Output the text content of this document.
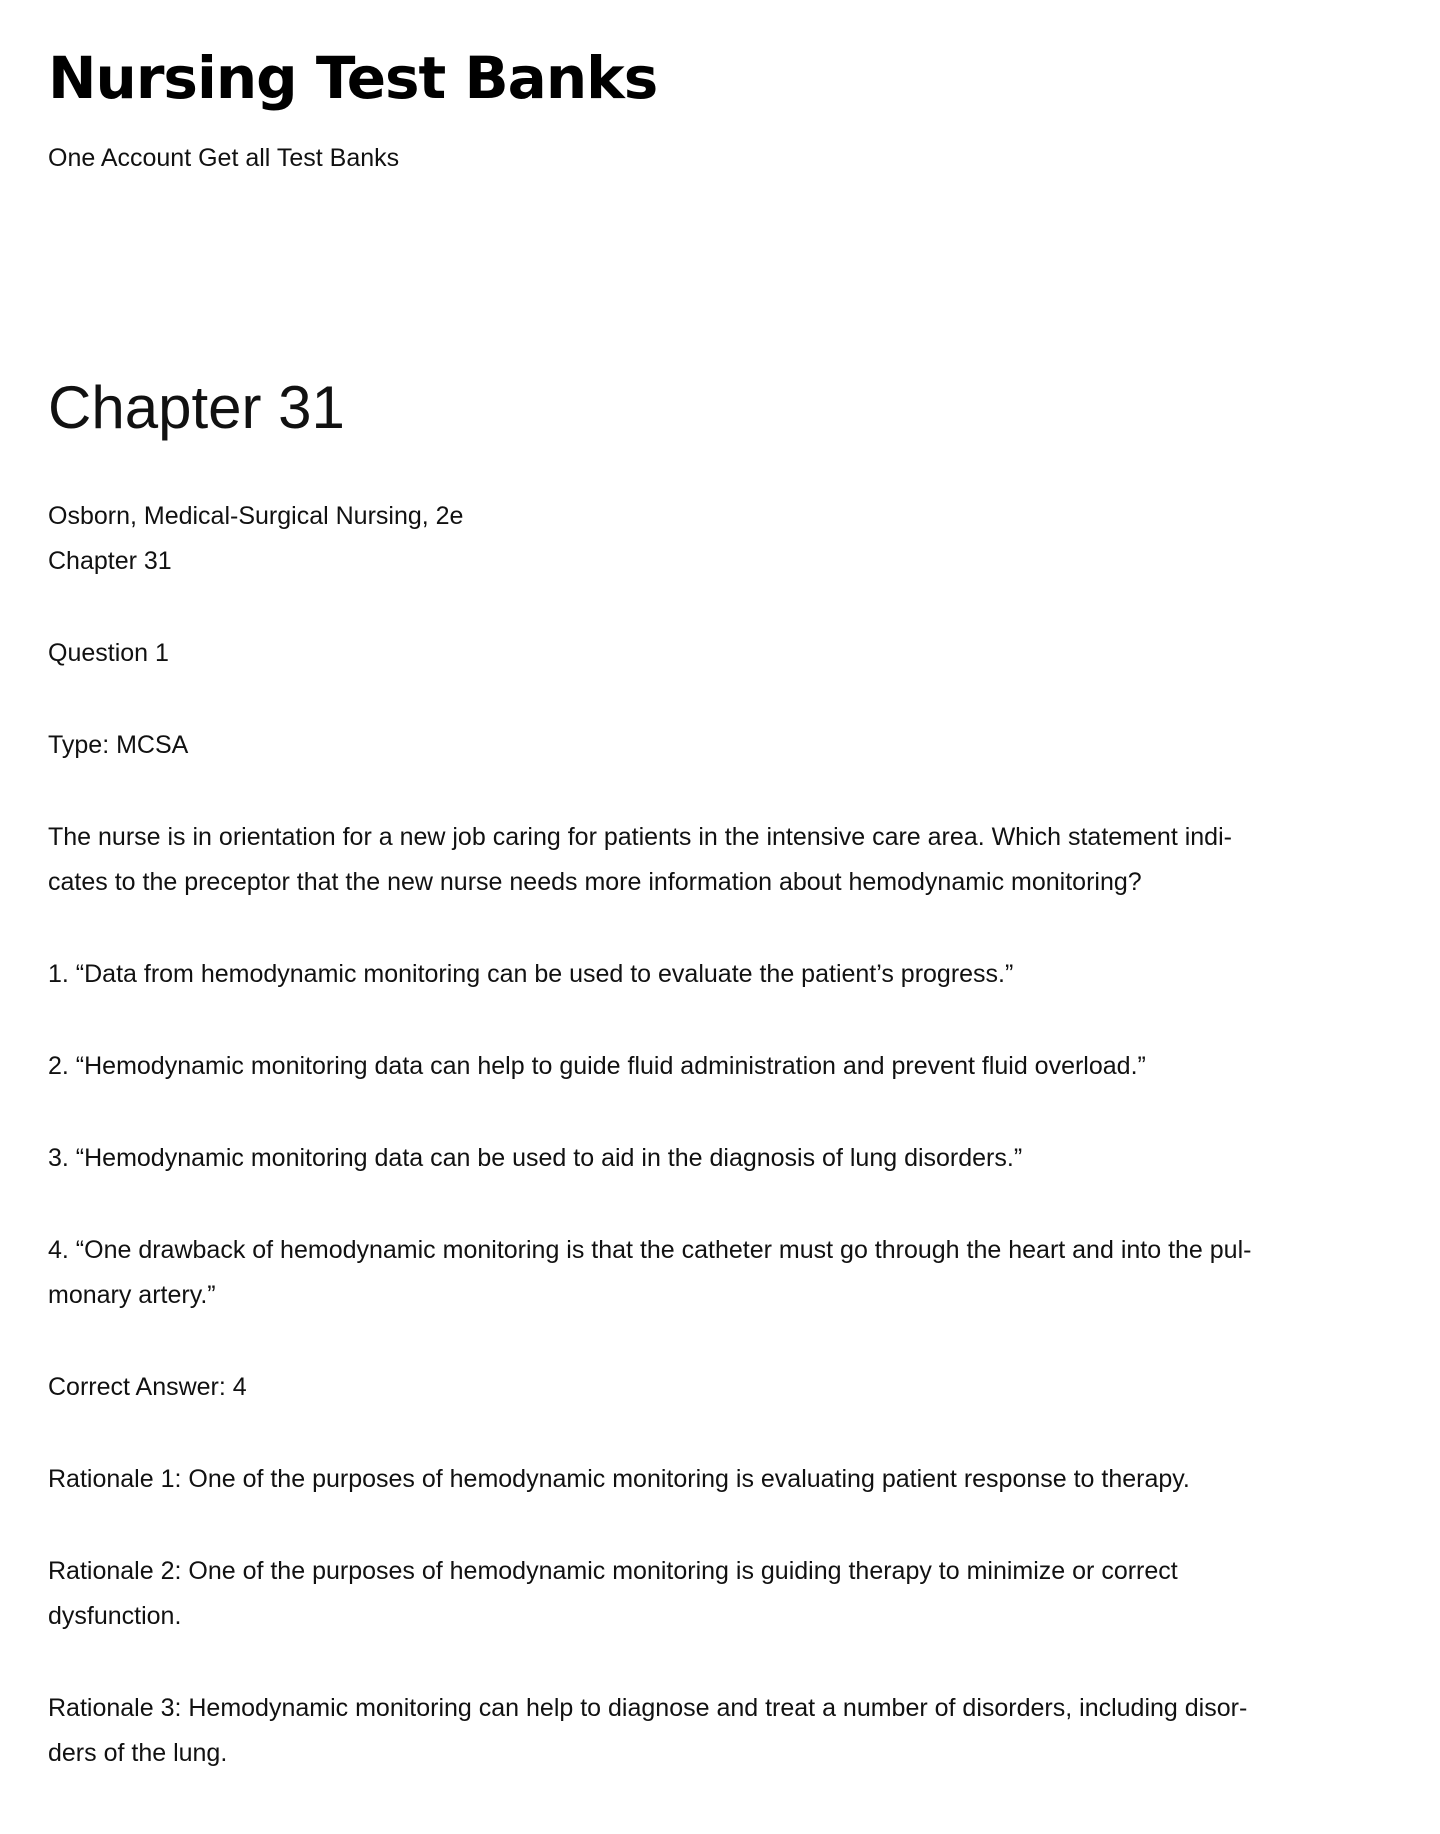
Nursing Test Banks

One Account Get all Test Banks

Chapter 31

Osborn, Medical-Surgical Nursing, 2e

Chapter 31

Question 1

Type: MCSA

The nurse is in orientation for a new job caring for patients in the intensive care area. Which statement indi-

cates to the preceptor that the new nurse needs more information about hemodynamic monitoring?

1. “Data from hemodynamic monitoring can be used to evaluate the patient’s progress.”

2. “Hemodynamic monitoring data can help to guide ﬂuid administration and prevent ﬂuid overload.”

3. “Hemodynamic monitoring data can be used to aid in the diagnosis of lung disorders.”

4. “One drawback of hemodynamic monitoring is that the catheter must go through the heart and into the pul-

monary artery.”

Correct Answer: 4

Rationale 1: One of the purposes of hemodynamic monitoring is evaluating patient response to therapy.

Rationale 2: One of the purposes of hemodynamic monitoring is guiding therapy to minimize or correct

dysfunction.

Rationale 3: Hemodynamic monitoring can help to diagnose and treat a number of disorders, including disor-

ders of the lung.
